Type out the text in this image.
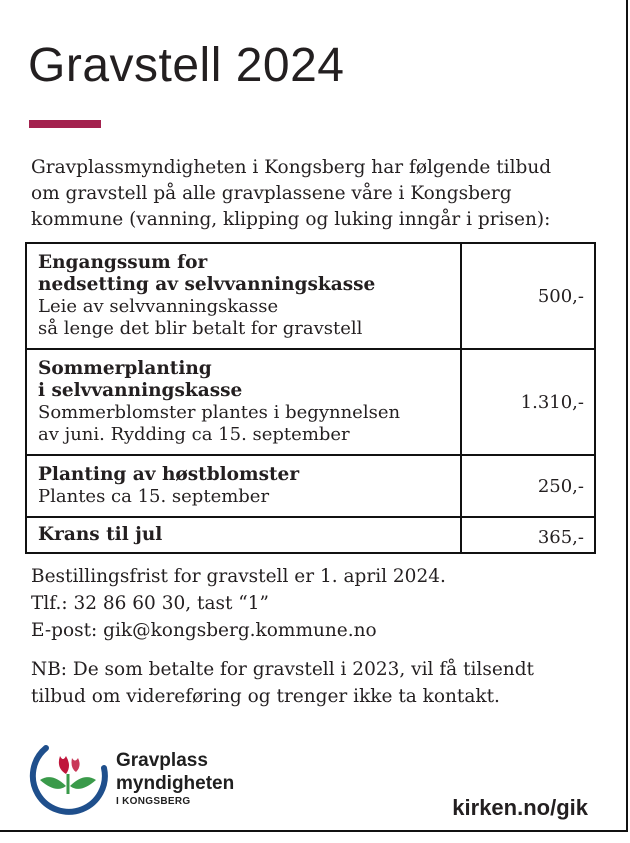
Gravstell 2024
Gravplassmyndigheten i Kongsberg har følgende tilbud
om gravstell på alle gravplassene våre i Kongsberg
kommune (vanning, klipping og luking inngår i prisen):
Engangssum for
nedsetting av selvvanningskasse
Leie av selvvanningskasse
så lenge det blir betalt for gravstell	500,-

Sommerplanting
i selvvanningskasse
Sommerblomster plantes i begynnelsen
av juni. Rydding ca 15. september	1.310,-

Planting av høstblomster
Plantes ca 15. september	250,-

Krans til jul	365,-
Bestillingsfrist for gravstell er 1. april 2024.
Tlf.: 32 86 60 30, tast “1”
E-post: gik@kongsberg.kommune.no
NB: De som betalte for gravstell i 2023, vil få tilsendt
tilbud om videreføring og trenger ikke ta kontakt.
Gravplass
myndigheten
I KONGSBERG	kirken.no/gik
